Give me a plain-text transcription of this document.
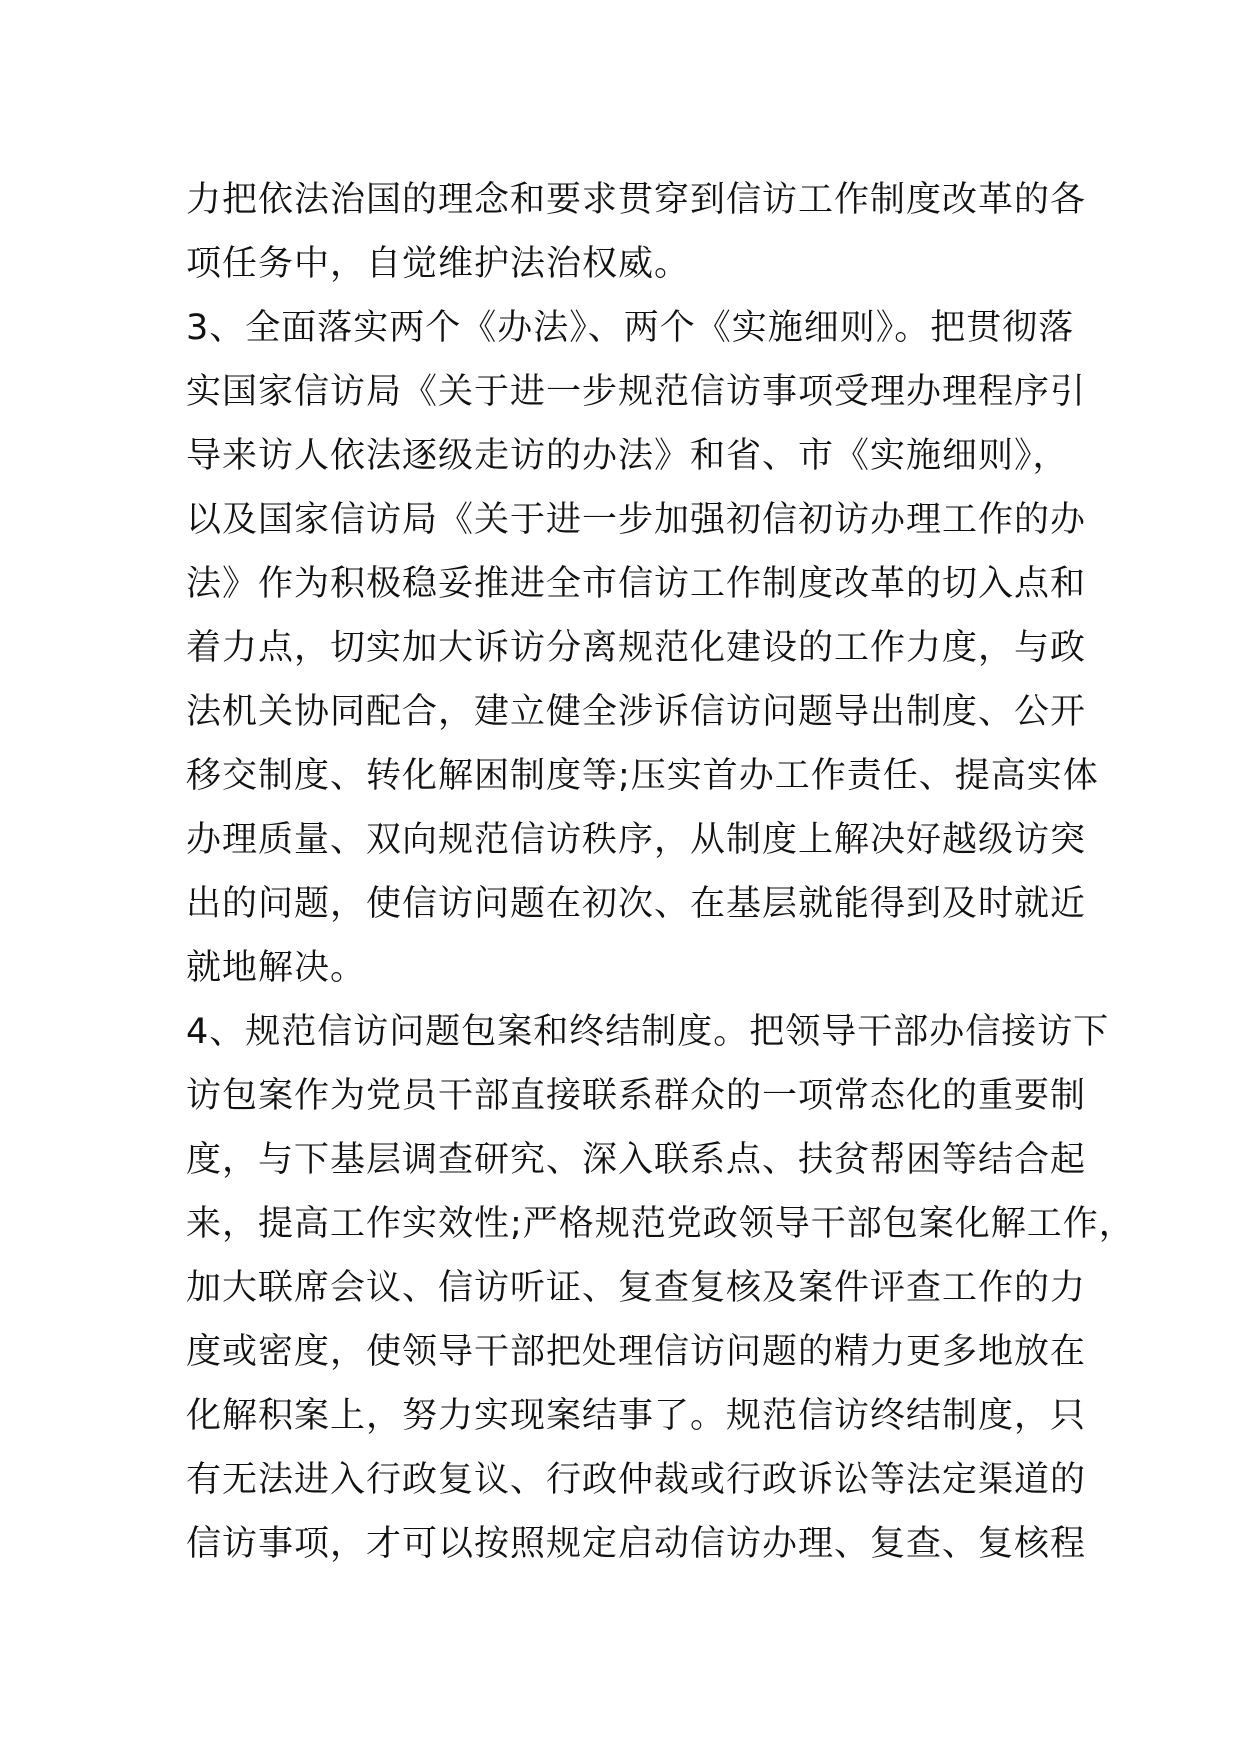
力把依法治国的理念和要求贯穿到信访工作制度改革的各
项任务中，自觉维护法治权威。
3、全面落实两个《办法》、两个《实施细则》。把贯彻落
实国家信访局《关于进一步规范信访事项受理办理程序引
导来访人依法逐级走访的办法》和省、市《实施细则》，
以及国家信访局《关于进一步加强初信初访办理工作的办
法》作为积极稳妥推进全市信访工作制度改革的切入点和
着力点，切实加大诉访分离规范化建设的工作力度，与政
法机关协同配合，建立健全涉诉信访问题导出制度、公开
移交制度、转化解困制度等;压实首办工作责任、提高实体
办理质量、双向规范信访秩序，从制度上解决好越级访突
出的问题，使信访问题在初次、在基层就能得到及时就近
就地解决。
4、规范信访问题包案和终结制度。把领导干部办信接访下
访包案作为党员干部直接联系群众的一项常态化的重要制
度，与下基层调查研究、深入联系点、扶贫帮困等结合起
来，提高工作实效性;严格规范党政领导干部包案化解工作，
加大联席会议、信访听证、复查复核及案件评查工作的力
度或密度，使领导干部把处理信访问题的精力更多地放在
化解积案上，努力实现案结事了。规范信访终结制度，只
有无法进入行政复议、行政仲裁或行政诉讼等法定渠道的
信访事项，才可以按照规定启动信访办理、复查、复核程
